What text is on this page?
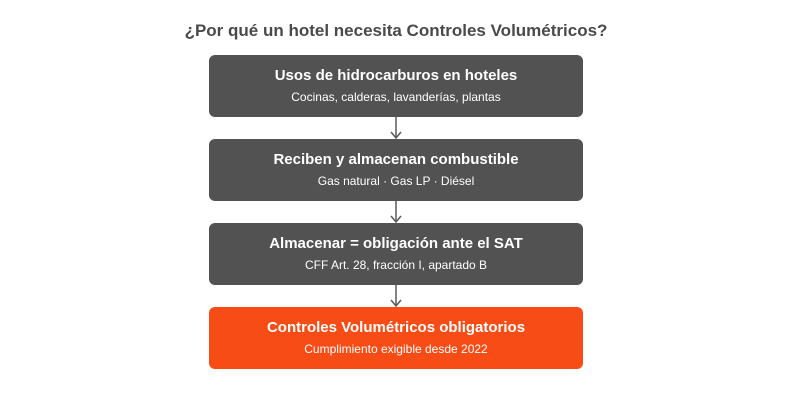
¿Por qué un hotel necesita Controles Volumétricos?
Usos de hidrocarburos en hoteles
Cocinas, calderas, lavanderías, plantas
Reciben y almacenan combustible
Gas natural · Gas LP · Diésel
Almacenar = obligación ante el SAT
CFF Art. 28, fracción I, apartado B
Controles Volumétricos obligatorios
Cumplimiento exigible desde 2022
